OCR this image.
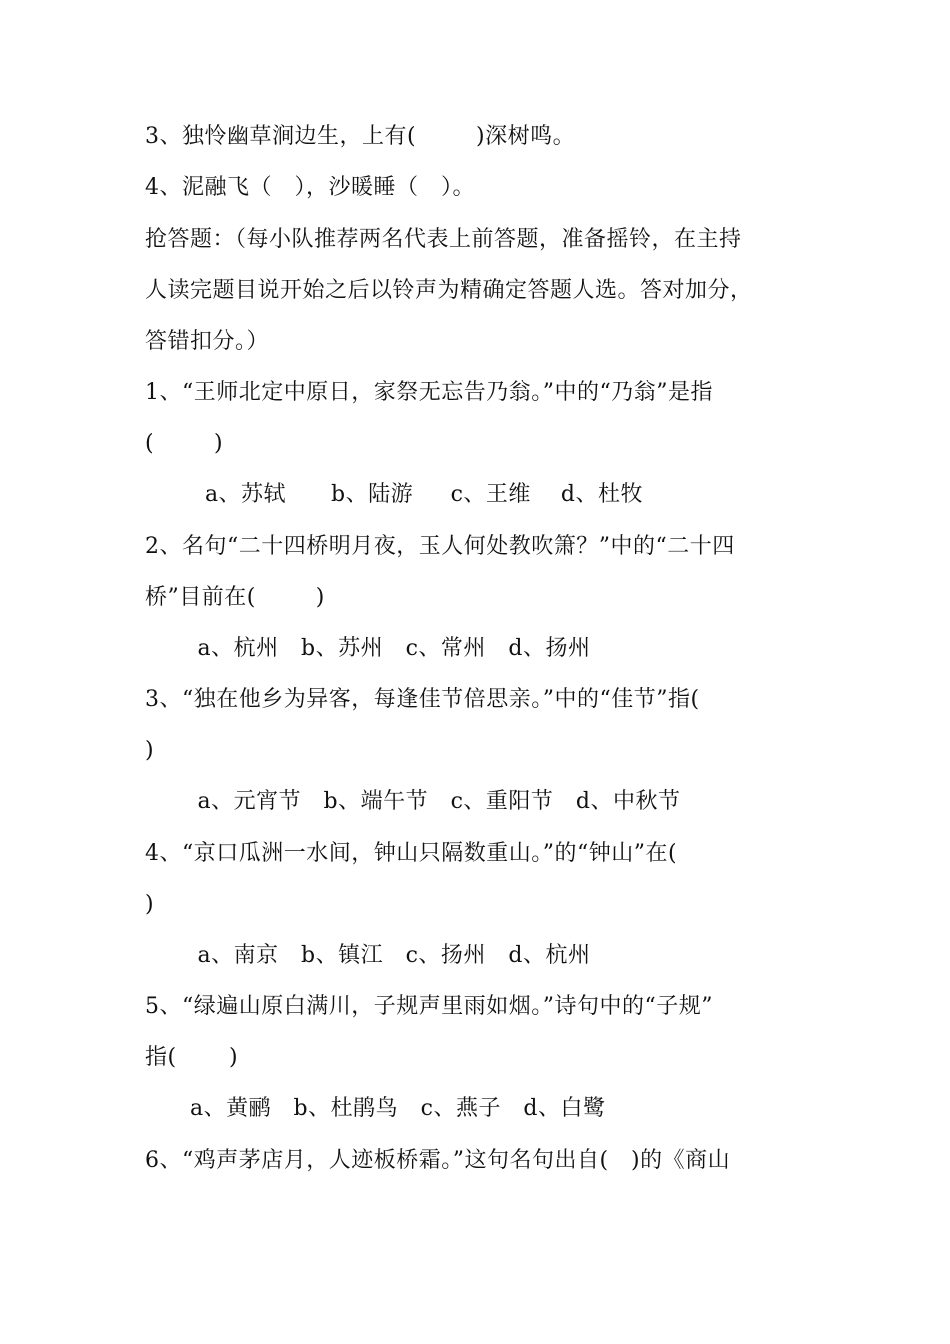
3、独怜幽草涧边生，上有(        )深树鸣。
4、泥融飞（   ），沙暖睡（   ）。
抢答题：（每小队推荐两名代表上前答题，准备摇铃，在主持
人读完题目说开始之后以铃声为精确定答题人选。答对加分，
答错扣分。）
1、“王师北定中原日，家祭无忘告乃翁。”中的“乃翁”是指
(        )
a、苏轼      b、陆游     c、王维    d、杜牧
2、名句“二十四桥明月夜，玉人何处教吹箫？”中的“二十四
桥”目前在(        )
a、杭州   b、苏州   c、常州   d、扬州
3、“独在他乡为异客，每逢佳节倍思亲。”中的“佳节”指(
)
a、元宵节   b、端午节   c、重阳节   d、中秋节
4、“京口瓜洲一水间，钟山只隔数重山。”的“钟山”在(
)
a、南京   b、镇江   c、扬州   d、杭州
5、“绿遍山原白满川，子规声里雨如烟。”诗句中的“子规”
指(       )
a、黄鹂   b、杜鹃鸟   c、燕子   d、白鹭
6、“鸡声茅店月，人迹板桥霜。”这句名句出自(   )的《商山
